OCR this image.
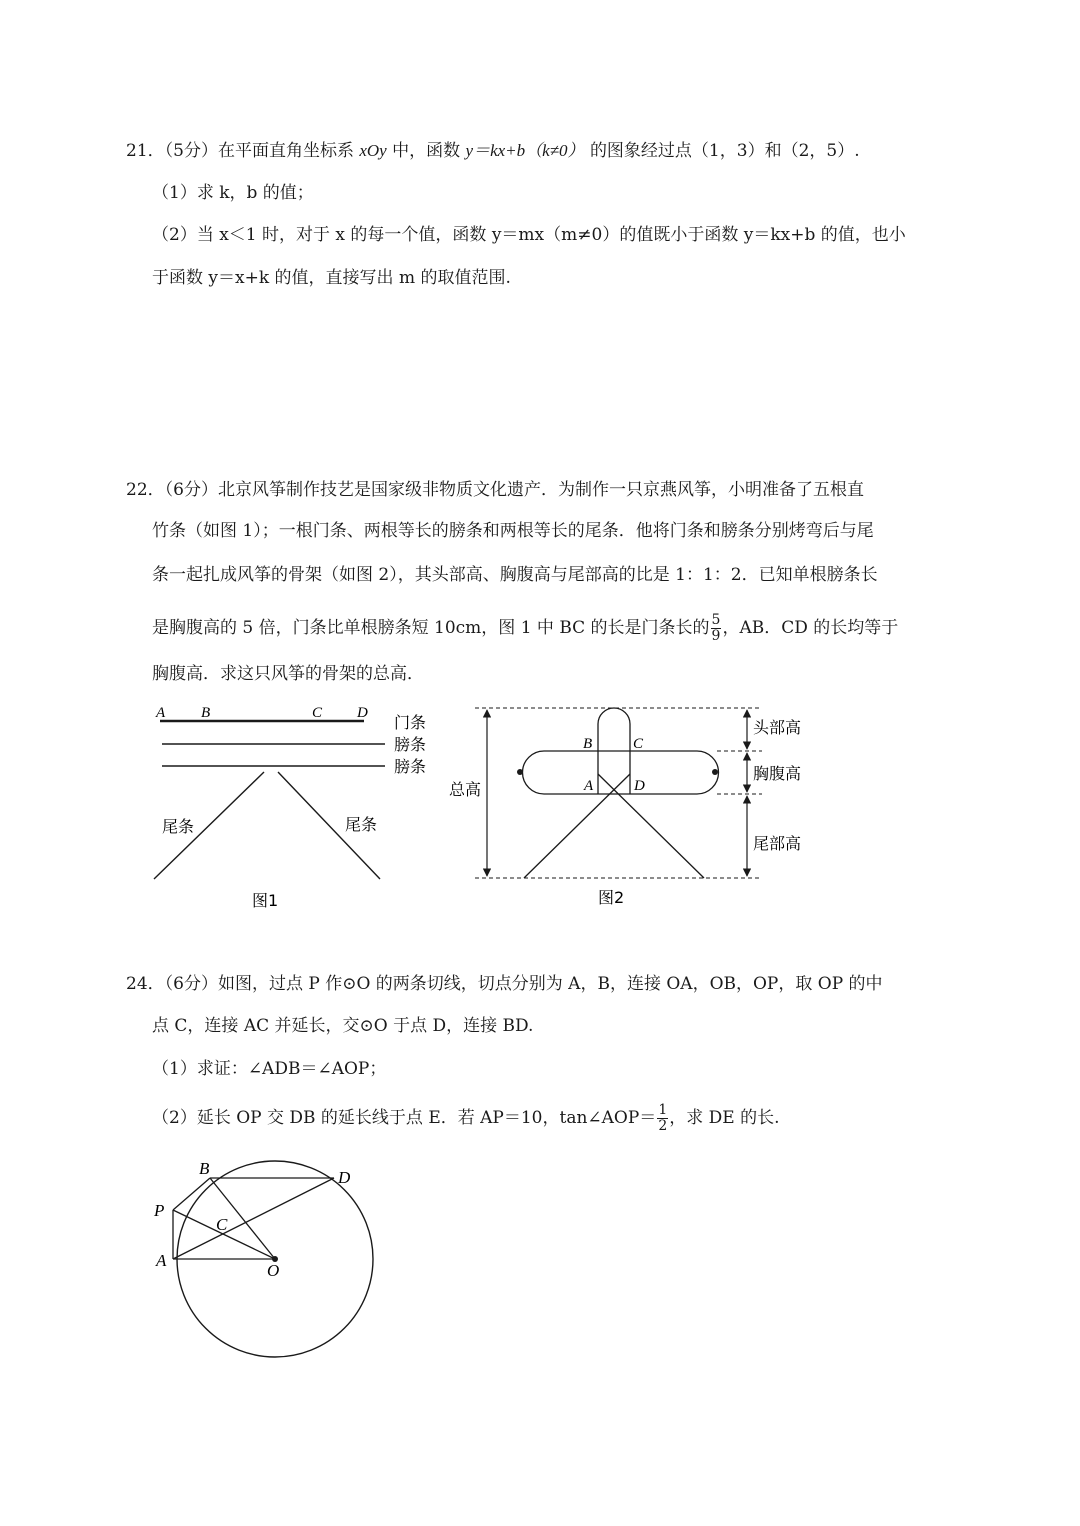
21．（5分）在平面直角坐标系 xOy 中，函数 y＝kx+b（k≠0） 的图象经过点（1，3）和（2，5）.
（1）求 k，b 的值；
（2）当 x＜1 时，对于 x 的每一个值，函数 y＝mx（m≠0）的值既小于函数 y＝kx+b 的值，也小
于函数 y＝x+k 的值，直接写出 m 的取值范围.
22．（6分）北京风筝制作技艺是国家级非物质文化遗产．为制作一只京燕风筝，小明准备了五根直
竹条（如图 1）；一根门条、两根等长的膀条和两根等长的尾条．他将门条和膀条分别烤弯后与尾
条一起扎成风筝的骨架（如图 2），其头部高、胸腹高与尾部高的比是 1：1：2．已知单根膀条长
是胸腹高的 5 倍，门条比单根膀条短 10cm，图 1 中 BC 的长是门条长的 $\frac{5}{9}$ ，AB．CD 的长均等于
胸腹高．求这只风筝的骨架的总高．
A B	C D 门条
膀条
膀条
尾条	尾条
图1
B	C
A	D
总高
头部高
胸腹高
尾部高
图2
24．（6分）如图，过点 P 作⊙O 的两条切线，切点分别为 A，B，连接 OA，OB，OP，取 OP 的中
点 C，连接 AC 并延长，交⊙O 于点 D，连接 BD.
（1）求证：∠ADB＝∠AOP；
（2）延长 OP 交 DB 的延长线于点 E．若 AP＝10，tan∠AOP＝ $\frac{1}{2}$ ，求 DE 的长.
B	D
P
C
A
O
